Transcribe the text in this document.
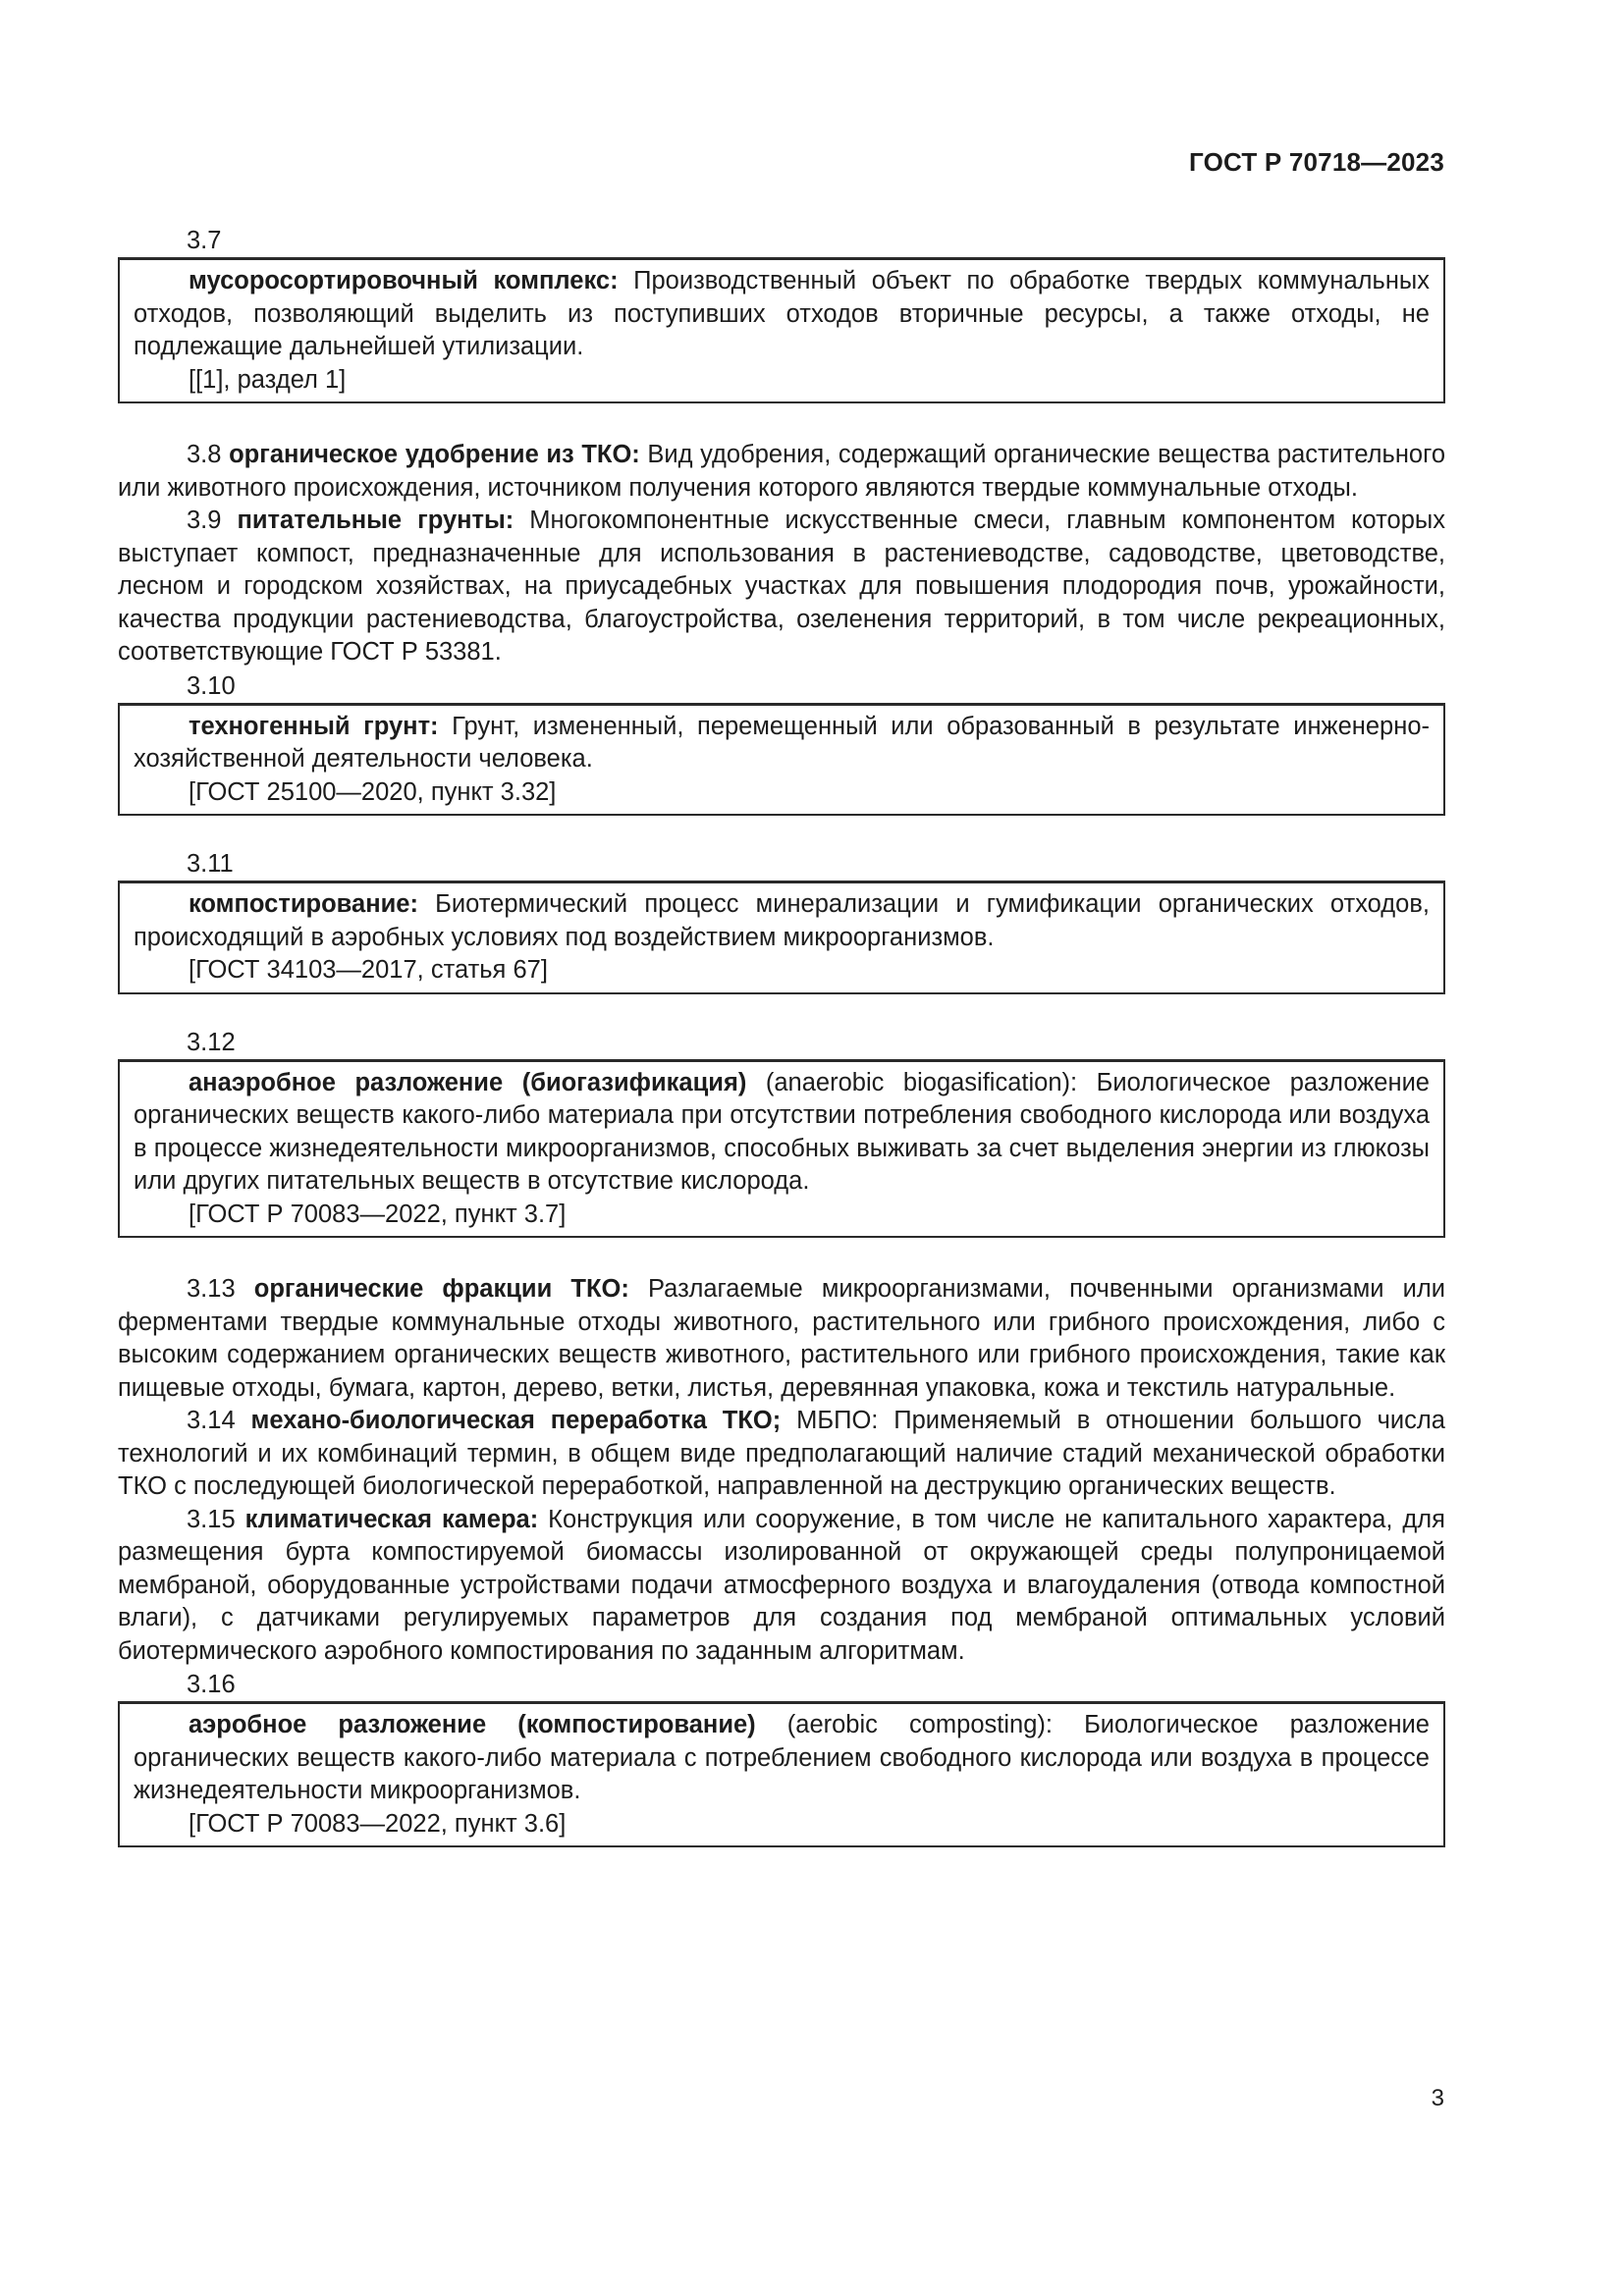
ГОСТ Р 70718—2023
3.7

мусоросортировочный комплекс: Производственный объект по обработке твердых коммунальных отходов, позволяющий выделить из поступивших отходов вторичные ресурсы, а также отходы, не подлежащие дальнейшей утилизации.

[[1], раздел 1]

3.8 органическое удобрение из ТКО: Вид удобрения, содержащий органические вещества растительного или животного происхождения, источником получения которого являются твердые коммунальные отходы.

3.9 питательные грунты: Многокомпонентные искусственные смеси, главным компонентом которых выступает компост, предназначенные для использования в растениеводстве, садоводстве, цветоводстве, лесном и городском хозяйствах, на приусадебных участках для повышения плодородия почв, урожайности, качества продукции растениеводства, благоустройства, озеленения территорий, в том числе рекреационных, соответствующие ГОСТ Р 53381.

3.10

техногенный грунт: Грунт, измененный, перемещенный или образованный в результате инженерно-хозяйственной деятельности человека.

[ГОСТ 25100—2020, пункт 3.32]

3.11

компостирование: Биотермический процесс минерализации и гумификации органических отходов, происходящий в аэробных условиях под воздействием микроорганизмов.

[ГОСТ 34103—2017, статья 67]

3.12

анаэробное разложение (биогазификация) (anaerobic biogasification): Биологическое разложение органических веществ какого-либо материала при отсутствии потребления свободного кислорода или воздуха в процессе жизнедеятельности микроорганизмов, способных выживать за счет выделения энергии из глюкозы или других питательных веществ в отсутствие кислорода.

[ГОСТ Р 70083—2022, пункт 3.7]

3.13 органические фракции ТКО: Разлагаемые микроорганизмами, почвенными организмами или ферментами твердые коммунальные отходы животного, растительного или грибного происхождения, либо с высоким содержанием органических веществ животного, растительного или грибного происхождения, такие как пищевые отходы, бумага, картон, дерево, ветки, листья, деревянная упаковка, кожа и текстиль натуральные.

3.14 механо-биологическая переработка ТКО; МБПО: Применяемый в отношении большого числа технологий и их комбинаций термин, в общем виде предполагающий наличие стадий механической обработки ТКО с последующей биологической переработкой, направленной на деструкцию органических веществ.

3.15 климатическая камера: Конструкция или сооружение, в том числе не капитального характера, для размещения бурта компостируемой биомассы изолированной от окружающей среды полупроницаемой мембраной, оборудованные устройствами подачи атмосферного воздуха и влагоудаления (отвода компостной влаги), с датчиками регулируемых параметров для создания под мембраной оптимальных условий биотермического аэробного компостирования по заданным алгоритмам.

3.16

аэробное разложение (компостирование) (aerobic composting): Биологическое разложение органических веществ какого-либо материала с потреблением свободного кислорода или воздуха в процессе жизнедеятельности микроорганизмов.

[ГОСТ Р 70083—2022, пункт 3.6]

3
